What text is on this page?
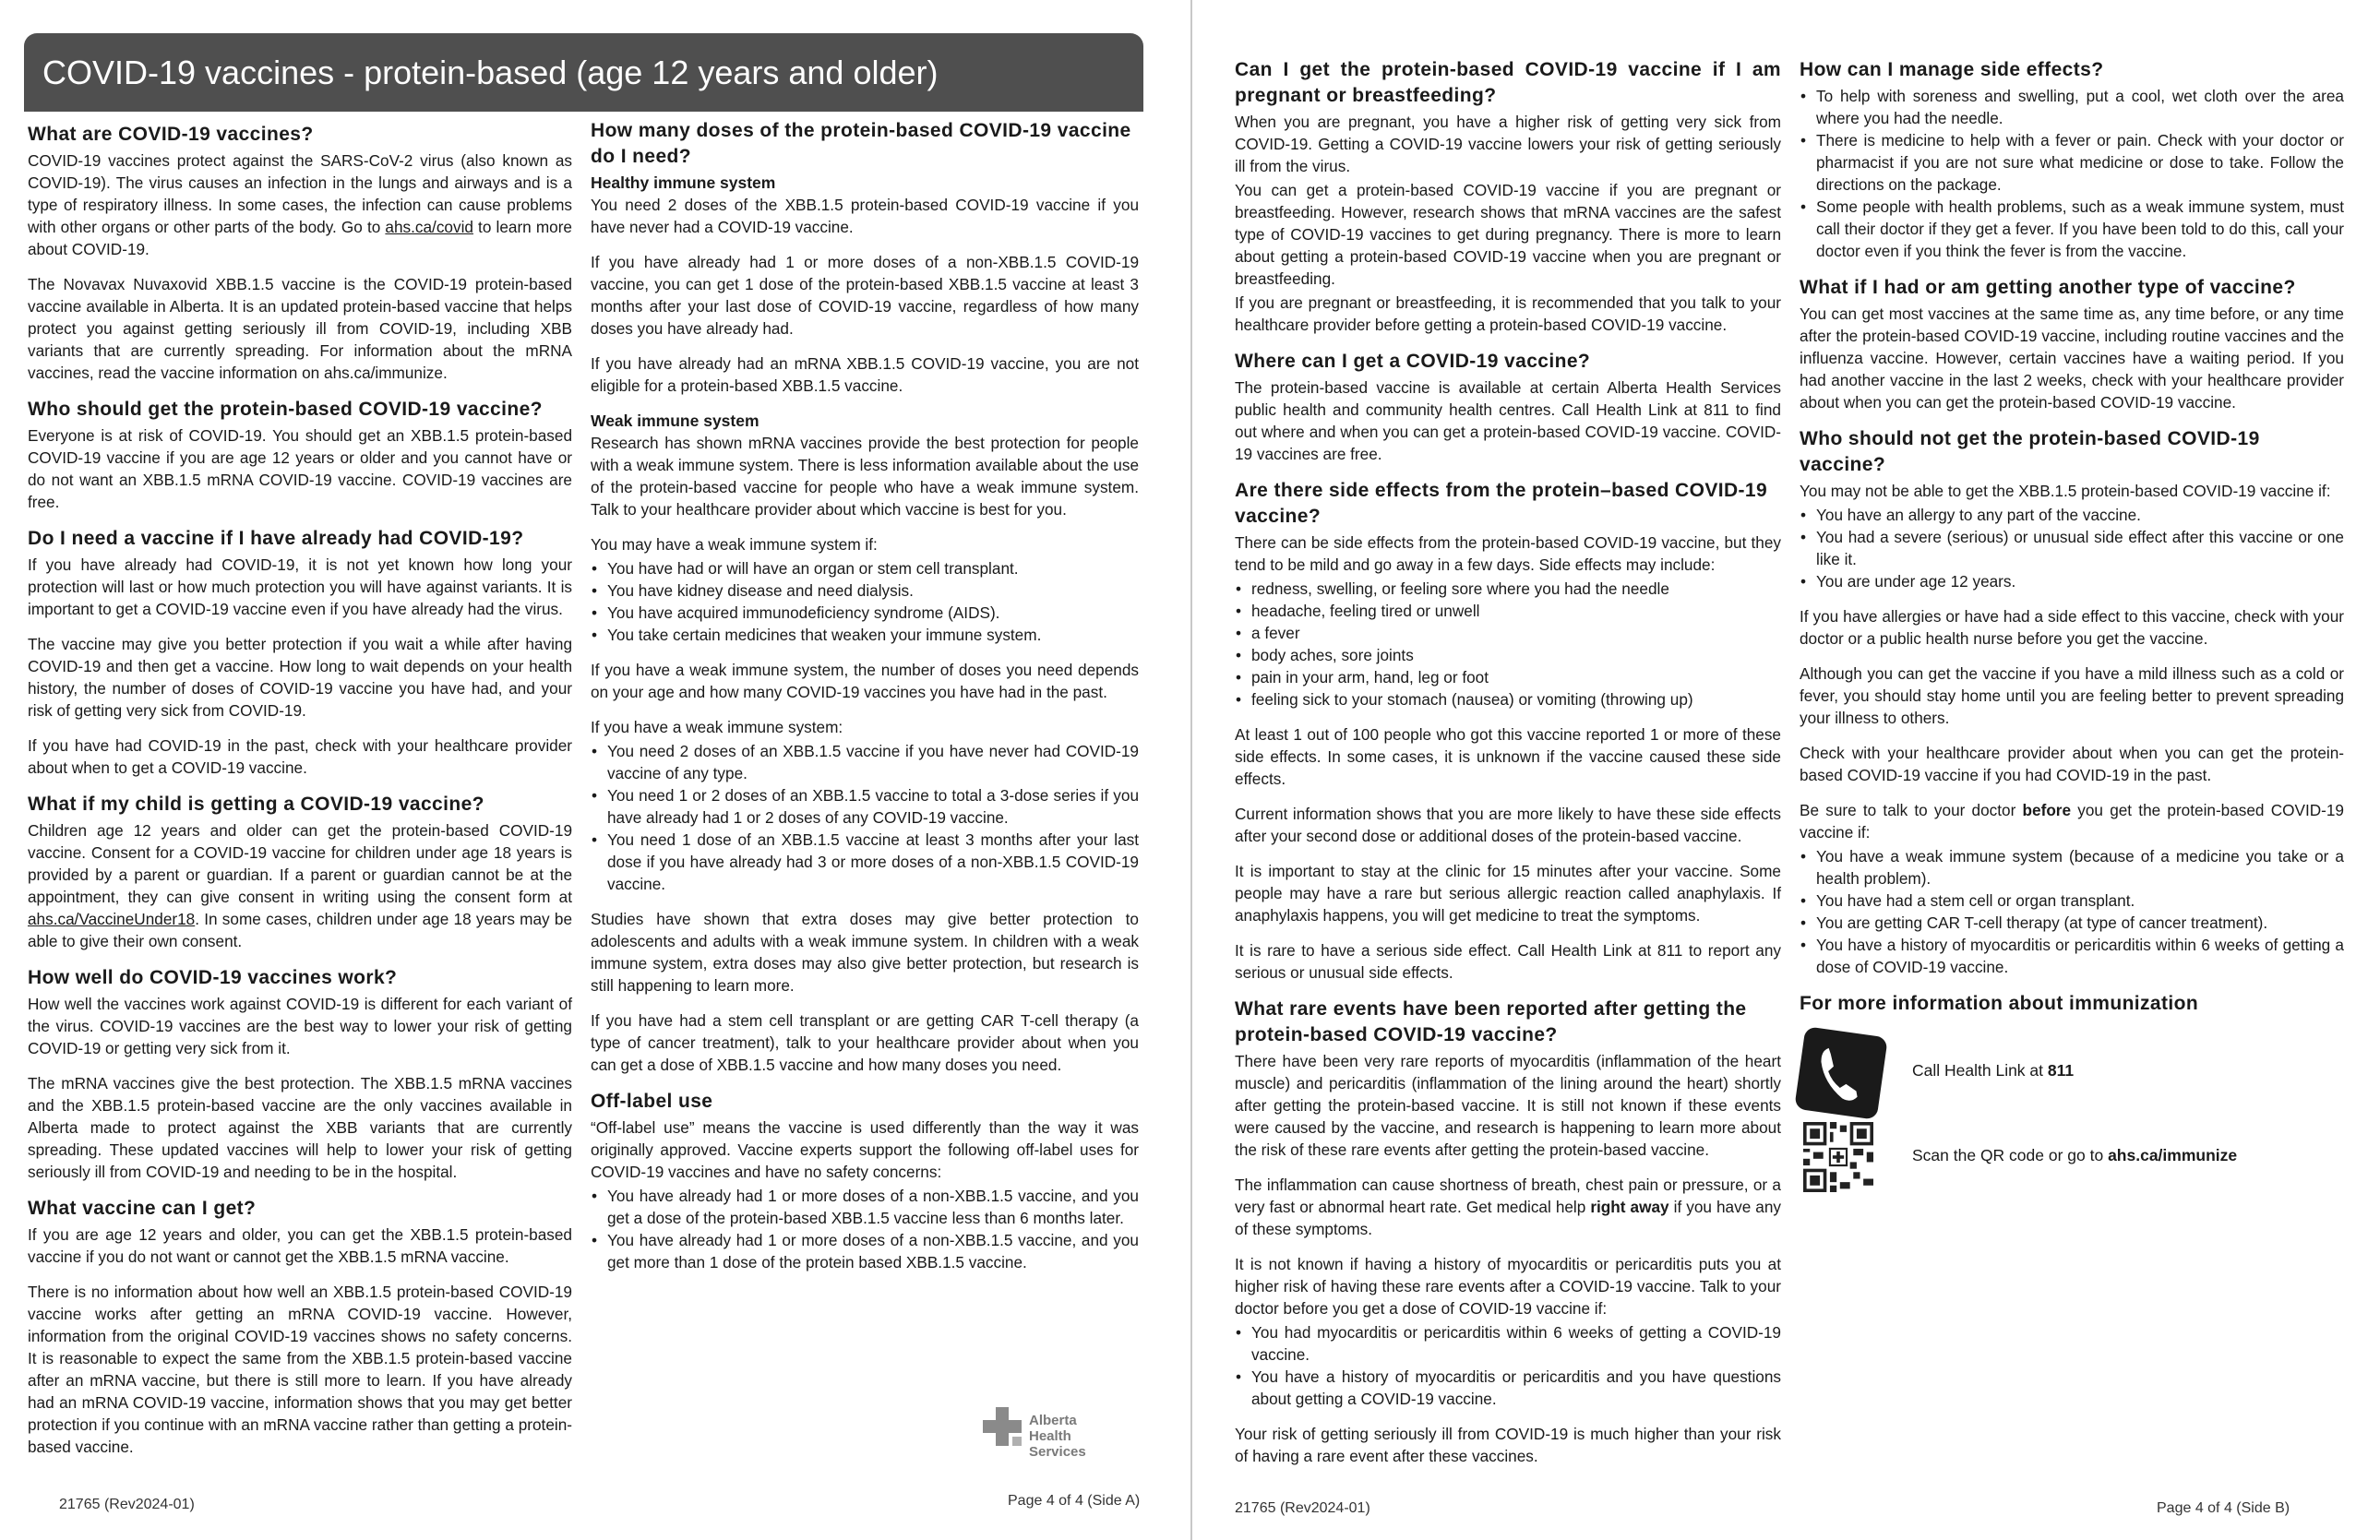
COVID-19 vaccines - protein-based (age 12 years and older)
What are COVID-19 vaccines?

COVID-19 vaccines protect against the SARS-CoV-2 virus (also known as COVID-19). The virus causes an infection in the lungs and airways and is a type of respiratory illness. In some cases, the infection can cause problems with other organs or other parts of the body. Go to ahs.ca/covid to learn more about COVID-19.

The Novavax Nuvaxovid XBB.1.5 vaccine is the COVID-19 protein-based vaccine available in Alberta. It is an updated protein-based vaccine that helps protect you against getting seriously ill from COVID-19, including XBB variants that are currently spreading. For information about the mRNA vaccines, read the vaccine information on ahs.ca/immunize.

Who should get the protein-based COVID-19 vaccine?

Everyone is at risk of COVID-19. You should get an XBB.1.5 protein-based COVID-19 vaccine if you are age 12 years or older and you cannot have or do not want an XBB.1.5 mRNA COVID-19 vaccine. COVID-19 vaccines are free.

Do I need a vaccine if I have already had COVID-19?

If you have already had COVID-19, it is not yet known how long your protection will last or how much protection you will have against variants. It is important to get a COVID-19 vaccine even if you have already had the virus.

The vaccine may give you better protection if you wait a while after having COVID-19 and then get a vaccine. How long to wait depends on your health history, the number of doses of COVID-19 vaccine you have had, and your risk of getting very sick from COVID-19.

If you have had COVID-19 in the past, check with your healthcare provider about when to get a COVID-19 vaccine.

What if my child is getting a COVID-19 vaccine?

Children age 12 years and older can get the protein-based COVID-19 vaccine. Consent for a COVID-19 vaccine for children under age 18 years is provided by a parent or guardian. If a parent or guardian cannot be at the appointment, they can give consent in writing using the consent form at ahs.ca/VaccineUnder18. In some cases, children under age 18 years may be able to give their own consent.

How well do COVID-19 vaccines work?

How well the vaccines work against COVID-19 is different for each variant of the virus. COVID-19 vaccines are the best way to lower your risk of getting COVID-19 or getting very sick from it.

The mRNA vaccines give the best protection. The XBB.1.5 mRNA vaccines and the XBB.1.5 protein-based vaccine are the only vaccines available in Alberta made to protect against the XBB variants that are currently spreading. These updated vaccines will help to lower your risk of getting seriously ill from COVID-19 and needing to be in the hospital.

What vaccine can I get?

If you are age 12 years and older, you can get the XBB.1.5 protein-based vaccine if you do not want or cannot get the XBB.1.5 mRNA vaccine.

There is no information about how well an XBB.1.5 protein-based COVID-19 vaccine works after getting an mRNA COVID-19 vaccine. However, information from the original COVID-19 vaccines shows no safety concerns. It is reasonable to expect the same from the XBB.1.5 protein-based vaccine after an mRNA vaccine, but there is still more to learn. If you have already had an mRNA COVID-19 vaccine, information shows that you may get better protection if you continue with an mRNA vaccine rather than getting a protein-based vaccine.

How many doses of the protein-based COVID-19 vaccine do I need?
Healthy immune system

You need 2 doses of the XBB.1.5 protein-based COVID-19 vaccine if you have never had a COVID-19 vaccine.

If you have already had 1 or more doses of a non-XBB.1.5 COVID-19 vaccine, you can get 1 dose of the protein-based XBB.1.5 vaccine at least 3 months after your last dose of COVID-19 vaccine, regardless of how many doses you have already had.

If you have already had an mRNA XBB.1.5 COVID-19 vaccine, you are not eligible for a protein-based XBB.1.5 vaccine.

Weak immune system

Research has shown mRNA vaccines provide the best protection for people with a weak immune system. There is less information available about the use of the protein-based vaccine for people who have a weak immune system. Talk to your healthcare provider about which vaccine is best for you.

You may have a weak immune system if:

• You have had or will have an organ or stem cell transplant.
• You have kidney disease and need dialysis.
• You have acquired immunodeficiency syndrome (AIDS).
• You take certain medicines that weaken your immune system.

If you have a weak immune system, the number of doses you need depends on your age and how many COVID-19 vaccines you have had in the past.

If you have a weak immune system:

• You need 2 doses of an XBB.1.5 vaccine if you have never had COVID-19 vaccine of any type.
• You need 1 or 2 doses of an XBB.1.5 vaccine to total a 3-dose series if you have already had 1 or 2 doses of any COVID-19 vaccine.
• You need 1 dose of an XBB.1.5 vaccine at least 3 months after your last dose if you have already had 3 or more doses of a non-XBB.1.5 COVID-19 vaccine.

Studies have shown that extra doses may give better protection to adolescents and adults with a weak immune system. In children with a weak immune system, extra doses may also give better protection, but research is still happening to learn more.

If you have had a stem cell transplant or are getting CAR T-cell therapy (a type of cancer treatment), talk to your healthcare provider about when you can get a dose of XBB.1.5 vaccine and how many doses you need.

Off-label use

“Off-label use” means the vaccine is used differently than the way it was originally approved. Vaccine experts support the following off-label uses for COVID-19 vaccines and have no safety concerns:

• You have already had 1 or more doses of a non-XBB.1.5 vaccine, and you get a dose of the protein-based XBB.1.5 vaccine less than 6 months later.
• You have already had 1 or more doses of a non-XBB.1.5 vaccine, and you get more than 1 dose of the protein based XBB.1.5 vaccine.
Alberta Health
Services
21765 (Rev2024-01)	Page 4 of 4 (Side A)
Can I get the protein-based COVID-19 vaccine if I am pregnant or breastfeeding?

When you are pregnant, you have a higher risk of getting very sick from COVID-19. Getting a COVID-19 vaccine lowers your risk of getting seriously ill from the virus.

You can get a protein-based COVID-19 vaccine if you are pregnant or breastfeeding. However, research shows that mRNA vaccines are the safest type of COVID-19 vaccines to get during pregnancy. There is more to learn about getting a protein-based COVID-19 vaccine when you are pregnant or breastfeeding.

If you are pregnant or breastfeeding, it is recommended that you talk to your healthcare provider before getting a protein-based COVID-19 vaccine.

Where can I get a COVID-19 vaccine?

The protein-based vaccine is available at certain Alberta Health Services public health and community health centres. Call Health Link at 811 to find out where and when you can get a protein-based COVID-19 vaccine. COVID-19 vaccines are free.

Are there side effects from the protein–based COVID-19 vaccine?

There can be side effects from the protein-based COVID-19 vaccine, but they tend to be mild and go away in a few days. Side effects may include:

• redness, swelling, or feeling sore where you had the needle
• headache, feeling tired or unwell
• a fever
• body aches, sore joints
• pain in your arm, hand, leg or foot
• feeling sick to your stomach (nausea) or vomiting (throwing up)

At least 1 out of 100 people who got this vaccine reported 1 or more of these side effects. In some cases, it is unknown if the vaccine caused these side effects.

Current information shows that you are more likely to have these side effects after your second dose or additional doses of the protein-based vaccine.

It is important to stay at the clinic for 15 minutes after your vaccine. Some people may have a rare but serious allergic reaction called anaphylaxis. If anaphylaxis happens, you will get medicine to treat the symptoms.

It is rare to have a serious side effect. Call Health Link at 811 to report any serious or unusual side effects.

What rare events have been reported after getting the protein-based COVID-19 vaccine?

There have been very rare reports of myocarditis (inflammation of the heart muscle) and pericarditis (inflammation of the lining around the heart) shortly after getting the protein-based vaccine. It is still not known if these events were caused by the vaccine, and research is happening to learn more about the risk of these rare events after getting the protein-based vaccine.

The inflammation can cause shortness of breath, chest pain or pressure, or a very fast or abnormal heart rate. Get medical help right away if you have any of these symptoms.

It is not known if having a history of myocarditis or pericarditis puts you at higher risk of having these rare events after a COVID-19 vaccine. Talk to your doctor before you get a dose of COVID-19 vaccine if:

• You had myocarditis or pericarditis within 6 weeks of getting a COVID-19 vaccine.
• You have a history of myocarditis or pericarditis and you have questions about getting a COVID-19 vaccine.

Your risk of getting seriously ill from COVID-19 is much higher than your risk of having a rare event after these vaccines.

How can I manage side effects?
• To help with soreness and swelling, put a cool, wet cloth over the area where you had the needle.
• There is medicine to help with a fever or pain. Check with your doctor or pharmacist if you are not sure what medicine or dose to take. Follow the directions on the package.
• Some people with health problems, such as a weak immune system, must call their doctor if they get a fever. If you have been told to do this, call your doctor even if you think the fever is from the vaccine.
What if I had or am getting another type of vaccine?

You can get most vaccines at the same time as, any time before, or any time after the protein-based COVID-19 vaccine, including routine vaccines and the influenza vaccine. However, certain vaccines have a waiting period. If you had another vaccine in the last 2 weeks, check with your healthcare provider about when you can get the protein-based COVID-19 vaccine.

Who should not get the protein-based COVID-19 vaccine?

You may not be able to get the XBB.1.5 protein-based COVID-19 vaccine if:

• You have an allergy to any part of the vaccine.
• You had a severe (serious) or unusual side effect after this vaccine or one like it.
• You are under age 12 years.

If you have allergies or have had a side effect to this vaccine, check with your doctor or a public health nurse before you get the vaccine.

Although you can get the vaccine if you have a mild illness such as a cold or fever, you should stay home until you are feeling better to prevent spreading your illness to others.

Check with your healthcare provider about when you can get the protein-based COVID-19 vaccine if you had COVID-19 in the past.

Be sure to talk to your doctor before you get the protein-based COVID-19 vaccine if:

• You have a weak immune system (because of a medicine you take or a health problem).
• You have had a stem cell or organ transplant.
• You are getting CAR T-cell therapy (at type of cancer treatment).
• You have a history of myocarditis or pericarditis within 6 weeks of getting a dose of COVID-19 vaccine.
For more information about immunization
Call Health Link at 811
Scan the QR code or go to ahs.ca/immunize
21765 (Rev2024-01)	Page 4 of 4 (Side B)
